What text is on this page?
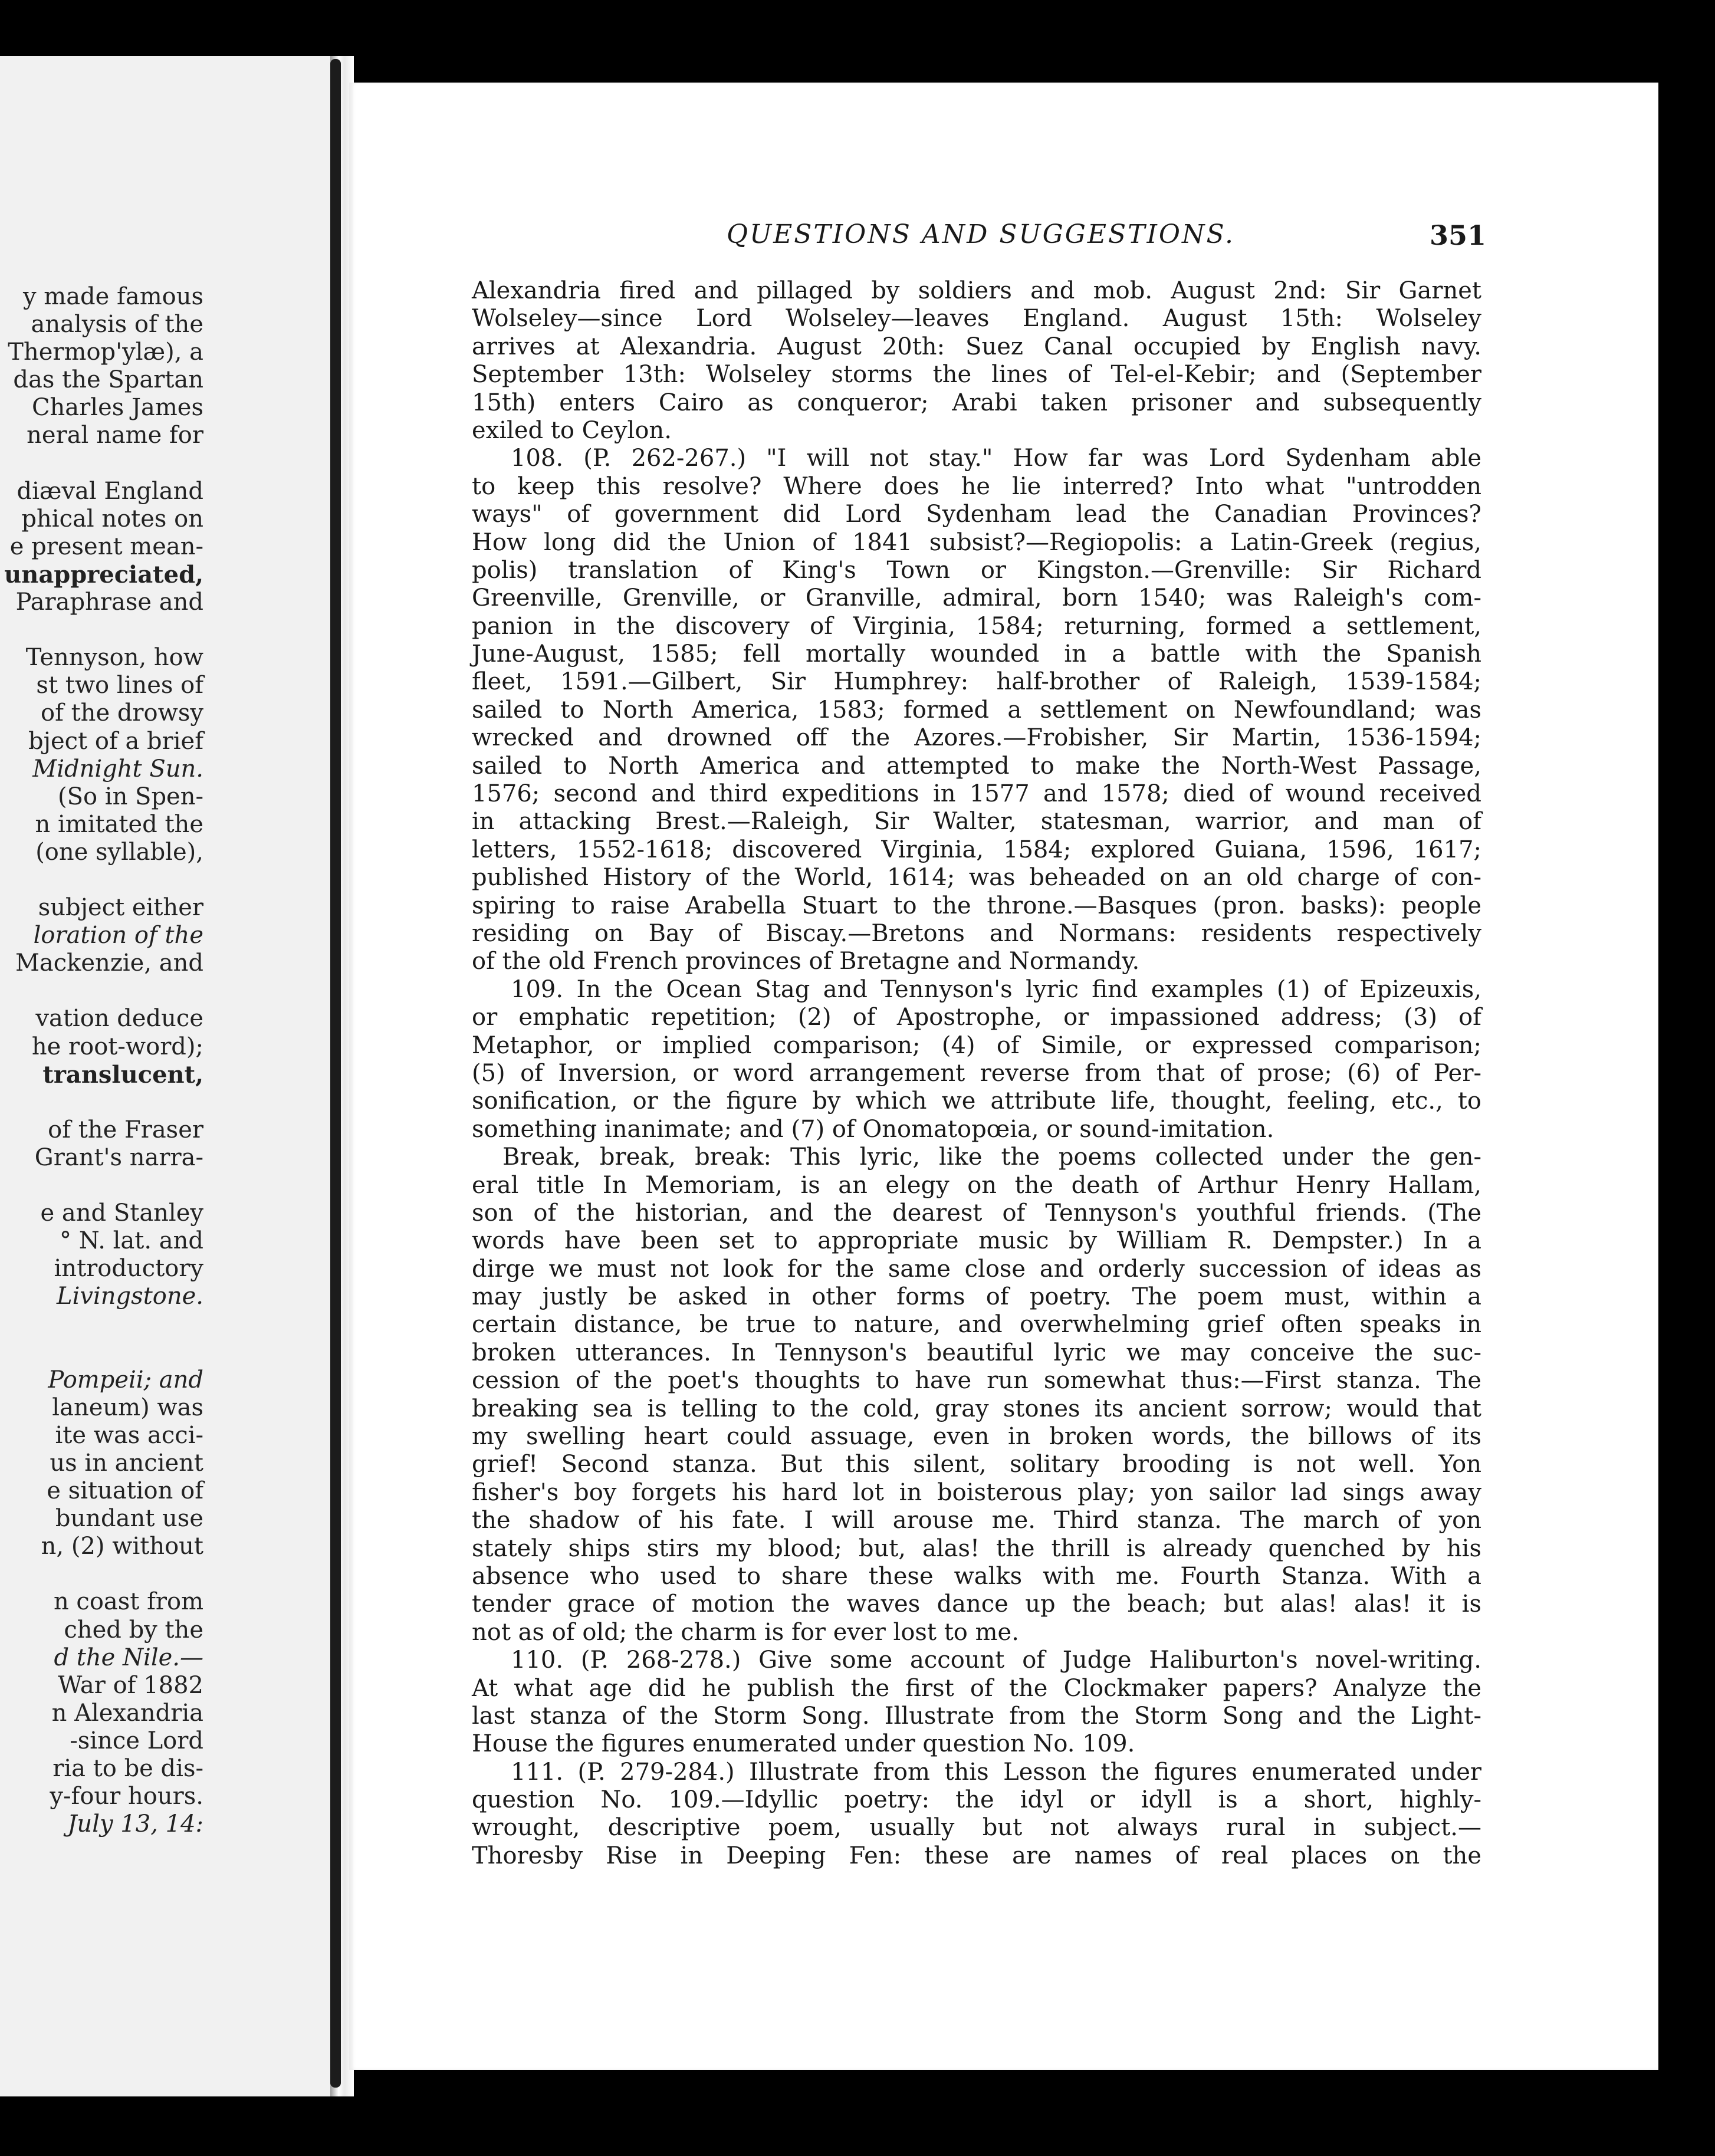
y made famous
analysis of the
Thermop'ylæ), a
das the Spartan
Charles James
neral name for
diæval England
phical notes on
e present mean-
unappreciated,
Paraphrase and
Tennyson, how
st two lines of
of the drowsy
bject of a brief
Midnight Sun.
(So in Spen-
n imitated the
(one syllable),
subject either
loration of the
Mackenzie, and
vation deduce
he root-word);
translucent,
of the Fraser
Grant's narra-
e and Stanley
° N. lat. and
introductory
Livingstone.
Pompeii; and
laneum) was
ite was acci-
us in ancient
e situation of
bundant use
n, (2) without
n coast from
ched by the
d the Nile.—
War of 1882
n Alexandria
-since Lord
ria to be dis-
y-four hours.
July 13, 14:
QUESTIONS AND SUGGESTIONS.	351
Alexandria fired and pillaged by soldiers and mob. August 2nd: Sir Garnet
Wolseley—since Lord Wolseley—leaves England. August 15th: Wolseley
arrives at Alexandria. August 20th: Suez Canal occupied by English navy.
September 13th: Wolseley storms the lines of Tel-el-Kebir; and (September
15th) enters Cairo as conqueror; Arabi taken prisoner and subsequently
exiled to Ceylon.
108. (P. 262-267.) "I will not stay." How far was Lord Sydenham able
to keep this resolve? Where does he lie interred? Into what "untrodden
ways" of government did Lord Sydenham lead the Canadian Provinces?
How long did the Union of 1841 subsist?—Regiopolis: a Latin-Greek (regius,
polis) translation of King's Town or Kingston.—Grenville: Sir Richard
Greenville, Grenville, or Granville, admiral, born 1540; was Raleigh's com-
panion in the discovery of Virginia, 1584; returning, formed a settlement,
June-August, 1585; fell mortally wounded in a battle with the Spanish
fleet, 1591.—Gilbert, Sir Humphrey: half-brother of Raleigh, 1539-1584;
sailed to North America, 1583; formed a settlement on Newfoundland; was
wrecked and drowned off the Azores.—Frobisher, Sir Martin, 1536-1594;
sailed to North America and attempted to make the North-West Passage,
1576; second and third expeditions in 1577 and 1578; died of wound received
in attacking Brest.—Raleigh, Sir Walter, statesman, warrior, and man of
letters, 1552-1618; discovered Virginia, 1584; explored Guiana, 1596, 1617;
published History of the World, 1614; was beheaded on an old charge of con-
spiring to raise Arabella Stuart to the throne.—Basques (pron. basks): people
residing on Bay of Biscay.—Bretons and Normans: residents respectively
of the old French provinces of Bretagne and Normandy.
109. In the Ocean Stag and Tennyson's lyric find examples (1) of Epizeuxis,
or emphatic repetition; (2) of Apostrophe, or impassioned address; (3) of
Metaphor, or implied comparison; (4) of Simile, or expressed comparison;
(5) of Inversion, or word arrangement reverse from that of prose; (6) of Per-
sonification, or the figure by which we attribute life, thought, feeling, etc., to
something inanimate; and (7) of Onomatopœia, or sound-imitation.
Break, break, break: This lyric, like the poems collected under the gen-
eral title In Memoriam, is an elegy on the death of Arthur Henry Hallam,
son of the historian, and the dearest of Tennyson's youthful friends. (The
words have been set to appropriate music by William R. Dempster.) In a
dirge we must not look for the same close and orderly succession of ideas as
may justly be asked in other forms of poetry. The poem must, within a
certain distance, be true to nature, and overwhelming grief often speaks in
broken utterances. In Tennyson's beautiful lyric we may conceive the suc-
cession of the poet's thoughts to have run somewhat thus:—First stanza. The
breaking sea is telling to the cold, gray stones its ancient sorrow; would that
my swelling heart could assuage, even in broken words, the billows of its
grief! Second stanza. But this silent, solitary brooding is not well. Yon
fisher's boy forgets his hard lot in boisterous play; yon sailor lad sings away
the shadow of his fate. I will arouse me. Third stanza. The march of yon
stately ships stirs my blood; but, alas! the thrill is already quenched by his
absence who used to share these walks with me. Fourth Stanza. With a
tender grace of motion the waves dance up the beach; but alas! alas! it is
not as of old; the charm is for ever lost to me.
110. (P. 268-278.) Give some account of Judge Haliburton's novel-writing.
At what age did he publish the first of the Clockmaker papers? Analyze the
last stanza of the Storm Song. Illustrate from the Storm Song and the Light-
House the figures enumerated under question No. 109.
111. (P. 279-284.) Illustrate from this Lesson the figures enumerated under
question No. 109.—Idyllic poetry: the idyl or idyll is a short, highly-
wrought, descriptive poem, usually but not always rural in subject.—
Thoresby Rise in Deeping Fen: these are names of real places on the
